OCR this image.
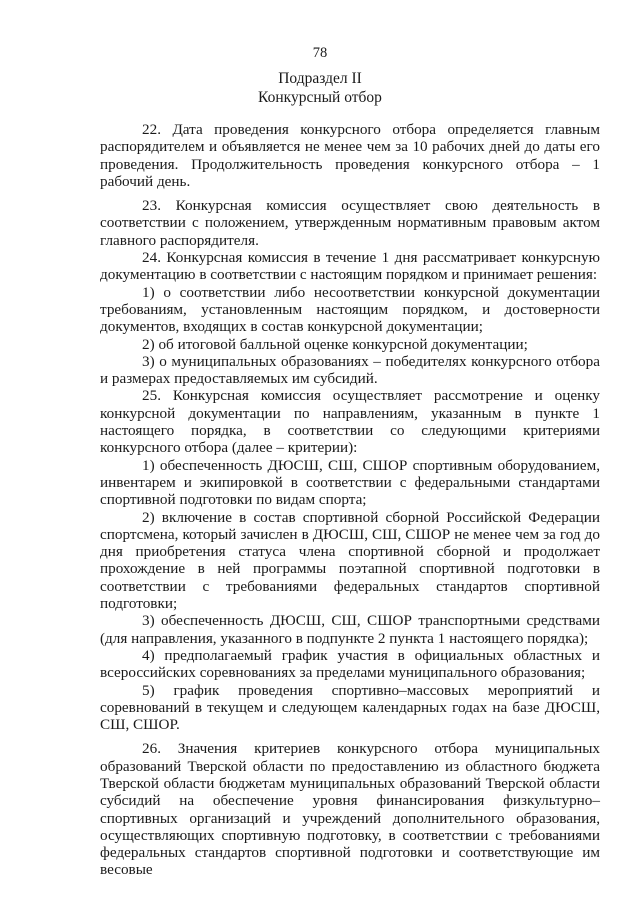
78
Подраздел II
Конкурсный отбор

22. Дата проведения конкурсного отбора определяется главным распорядителем и объявляется не менее чем за 10 рабочих дней до даты его проведения. Продолжительность проведения конкурсного отбора – 1 рабочий день.

23. Конкурсная комиссия осуществляет свою деятельность в соответствии с положением, утвержденным нормативным правовым актом главного распорядителя.

24. Конкурсная комиссия в течение 1 дня рассматривает конкурсную документацию в соответствии с настоящим порядком и принимает решения:

1) о соответствии либо несоответствии конкурсной документации требованиям, установленным настоящим порядком, и достоверности документов, входящих в состав конкурсной документации;

2) об итоговой балльной оценке конкурсной документации;

3) о муниципальных образованиях – победителях конкурсного отбора и размерах предоставляемых им субсидий.

25. Конкурсная комиссия осуществляет рассмотрение и оценку конкурсной документации по направлениям, указанным в пункте 1 настоящего порядка, в соответствии со следующими критериями конкурсного отбора (далее – критерии):

1) обеспеченность ДЮСШ, СШ, СШОР спортивным оборудованием, инвентарем и экипировкой в соответствии с федеральными стандартами спортивной подготовки по видам спорта;

2) включение в состав спортивной сборной Российской Федерации спортсмена, который зачислен в ДЮСШ, СШ, СШОР не менее чем за год до дня приобретения статуса члена спортивной сборной и продолжает прохождение в ней программы поэтапной спортивной подготовки в соответствии с требованиями федеральных стандартов спортивной подготовки;

3) обеспеченность ДЮСШ, СШ, СШОР транспортными средствами (для направления, указанного в подпункте 2 пункта 1 настоящего порядка);

4) предполагаемый график участия в официальных областных и всероссийских соревнованиях за пределами муниципального образования;

5) график проведения спортивно–массовых мероприятий и соревнований в текущем и следующем календарных годах на базе ДЮСШ, СШ, СШОР.

26. Значения критериев конкурсного отбора муниципальных образований Тверской области по предоставлению из областного бюджета Тверской области бюджетам муниципальных образований Тверской области субсидий на обеспечение уровня финансирования физкультурно–спортивных организаций и учреждений дополнительного образования, осуществляющих спортивную подготовку, в соответствии с требованиями федеральных стандартов спортивной подготовки и соответствующие им весовые
